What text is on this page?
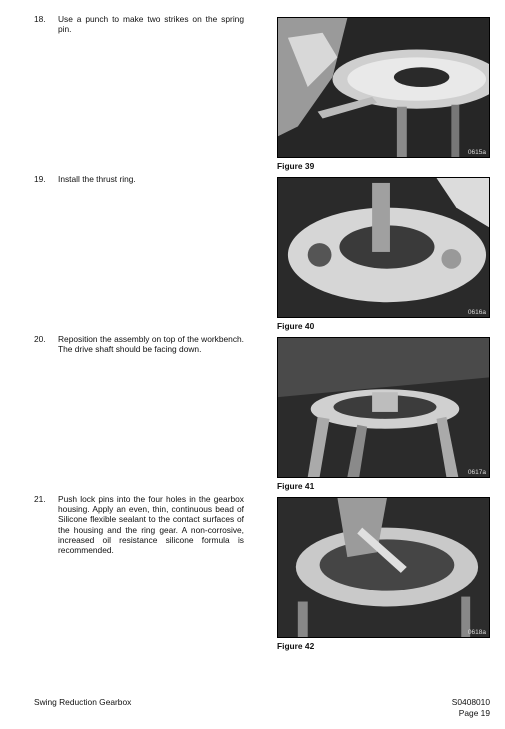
18. Use a punch to make two strikes on the spring pin.
0615a
Figure 39
19. Install the thrust ring.
0616a
Figure 40
20. Reposition the assembly on top of the workbench. The drive shaft should be facing down.
0617a
Figure 41
21. Push lock pins into the four holes in the gearbox housing. Apply an even, thin, continuous bead of Silicone flexible sealant to the contact surfaces of the housing and the ring gear. A non-corrosive, increased oil resistance silicone formula is recommended.
0618a
Figure 42
Swing Reduction Gearbox	S0408010
Page 19
